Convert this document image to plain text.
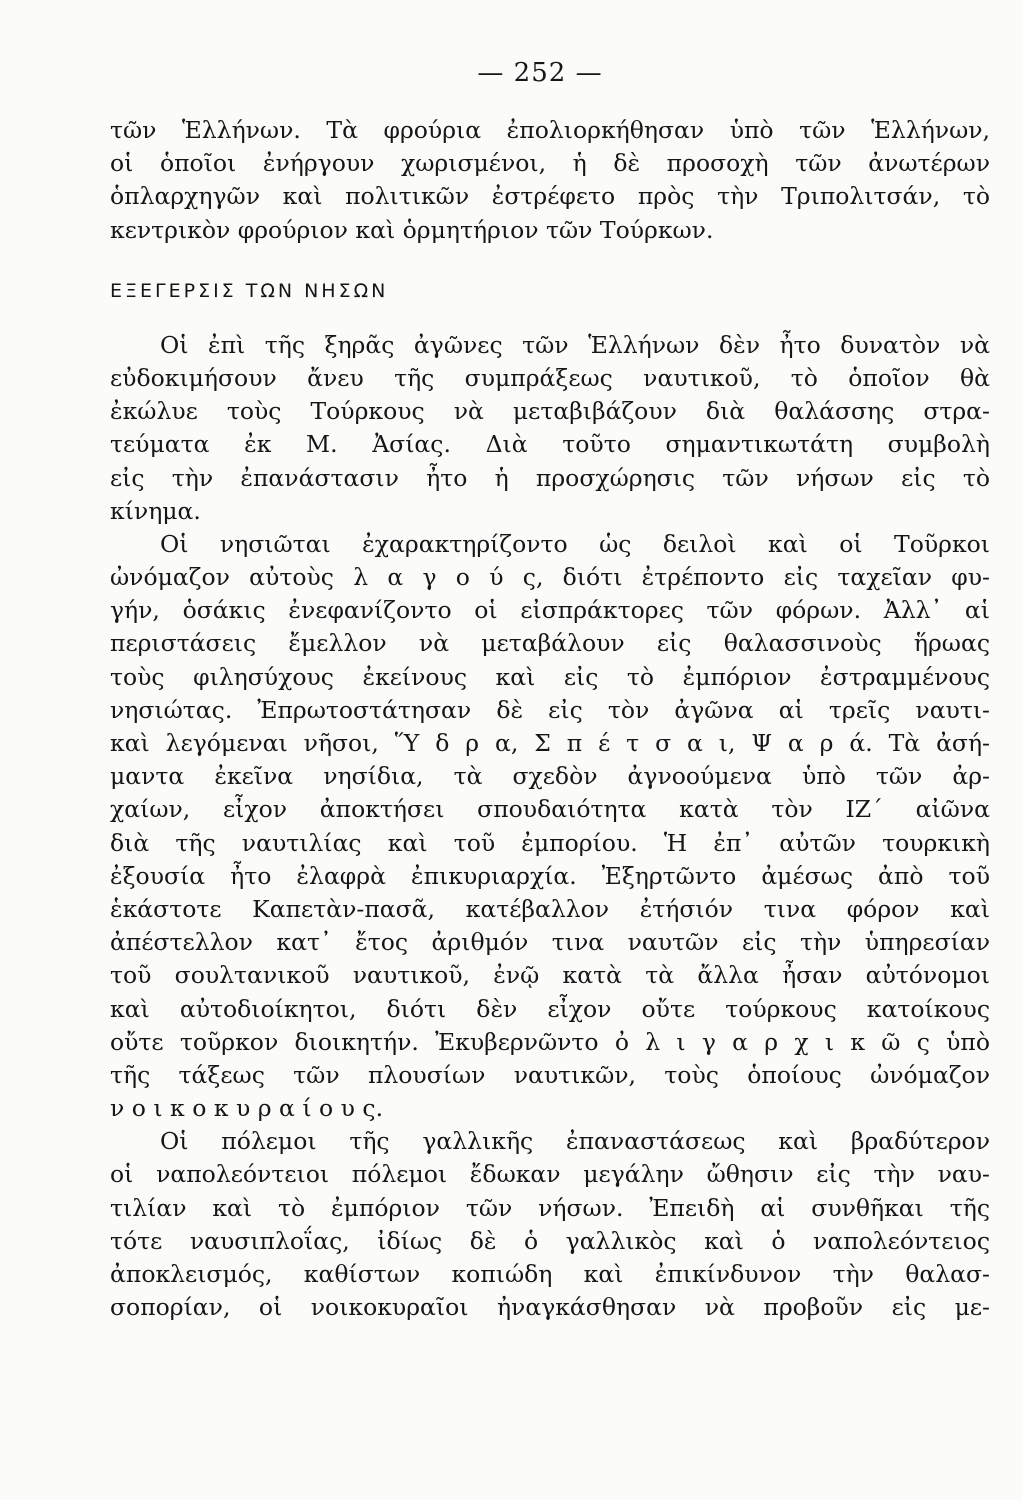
— 252 —
τῶν Ἑλλήνων. Τὰ φρούρια ἐπολιορκήθησαν ὑπὸ τῶν Ἑλλήνων,
οἱ ὁποῖοι ἐνήργουν χωρισμένοι, ἡ δὲ προσοχὴ τῶν ἀνωτέρων
ὁπλαρχηγῶν καὶ πολιτικῶν ἐστρέφετο πρὸς τὴν Τριπολιτσάν, τὸ
κεντρικὸν φρούριον καὶ ὁρμητήριον τῶν Τούρκων.
ΕΞΕΓΕΡΣΙΣ ΤΩΝ ΝΗΣΩΝ
Οἱ ἐπὶ τῆς ξηρᾶς ἀγῶνες τῶν Ἑλλήνων δὲν ἦτο δυνατὸν νὰ
εὐδοκιμήσουν ἄνευ τῆς συμπράξεως ναυτικοῦ, τὸ ὁποῖον θὰ
ἐκώλυε τοὺς Τούρκους νὰ μεταβιβάζουν διὰ θαλάσσης στρα-
τεύματα ἐκ Μ. Ἀσίας. Διὰ τοῦτο σημαντικωτάτη συμβολὴ
εἰς τὴν ἐπανάστασιν ἦτο ἡ προσχώρησις τῶν νήσων εἰς τὸ
κίνημα.
Οἱ νησιῶται ἐχαρακτηρίζοντο ὡς δειλοὶ καὶ οἱ Τοῦρκοι
ὠνόμαζον αὐτοὺς λ α γ ο ύ ς, διότι ἐτρέποντο εἰς ταχεῖαν φυ-
γήν, ὁσάκις ἐνεφανίζοντο οἱ εἰσπράκτορες τῶν φόρων. Ἀλλ᾽ αἱ
περιστάσεις ἔμελλον νὰ μεταβάλουν εἰς θαλασσινοὺς ἥρωας
τοὺς φιλησύχους ἐκείνους καὶ εἰς τὸ ἐμπόριον ἐστραμμένους
νησιώτας. Ἐπρωτοστάτησαν δὲ εἰς τὸν ἀγῶνα αἱ τρεῖς ναυτι-
καὶ λεγόμεναι νῆσοι, Ὕ δ ρ α, Σ π έ τ σ α ι, Ψ α ρ ά. Τὰ ἀσή-
μαντα ἐκεῖνα νησίδια, τὰ σχεδὸν ἀγνοούμενα ὑπὸ τῶν ἀρ-
χαίων, εἶχον ἀποκτήσει σπουδαιότητα κατὰ τὸν ΙΖ΄ αἰῶνα
διὰ τῆς ναυτιλίας καὶ τοῦ ἐμπορίου. Ἡ ἐπ᾽ αὐτῶν τουρκικὴ
ἐξουσία ἦτο ἐλαφρὰ ἐπικυριαρχία. Ἐξηρτῶντο ἀμέσως ἀπὸ τοῦ
ἑκάστοτε Καπετὰν-πασᾶ, κατέβαλλον ἐτήσιόν τινα φόρον καὶ
ἀπέστελλον κατ᾽ ἔτος ἀριθμόν τινα ναυτῶν εἰς τὴν ὑπηρεσίαν
τοῦ σουλτανικοῦ ναυτικοῦ, ἐνῷ κατὰ τὰ ἄλλα ἦσαν αὐτόνομοι
καὶ αὐτοδιοίκητοι, διότι δὲν εἶχον οὔτε τούρκους κατοίκους
οὔτε τοῦρκον διοικητήν. Ἐκυβερνῶντο ὀ λ ι γ α ρ χ ι κ ῶ ς ὑπὸ
τῆς τάξεως τῶν πλουσίων ναυτικῶν, τοὺς ὁποίους ὠνόμαζον
ν ο ι κ ο κ υ ρ α ί ο υ ς.
Οἱ πόλεμοι τῆς γαλλικῆς ἐπαναστάσεως καὶ βραδύτερον
οἱ ναπολεόντειοι πόλεμοι ἔδωκαν μεγάλην ὤθησιν εἰς τὴν ναυ-
τιλίαν καὶ τὸ ἐμπόριον τῶν νήσων. Ἐπειδὴ αἱ συνθῆκαι τῆς
τότε ναυσιπλοΐας, ἰδίως δὲ ὁ γαλλικὸς καὶ ὁ ναπολεόντειος
ἀποκλεισμός, καθίστων κοπιώδη καὶ ἐπικίνδυνον τὴν θαλασ-
σοπορίαν, οἱ νοικοκυραῖοι ἠναγκάσθησαν νὰ προβοῦν εἰς με-
